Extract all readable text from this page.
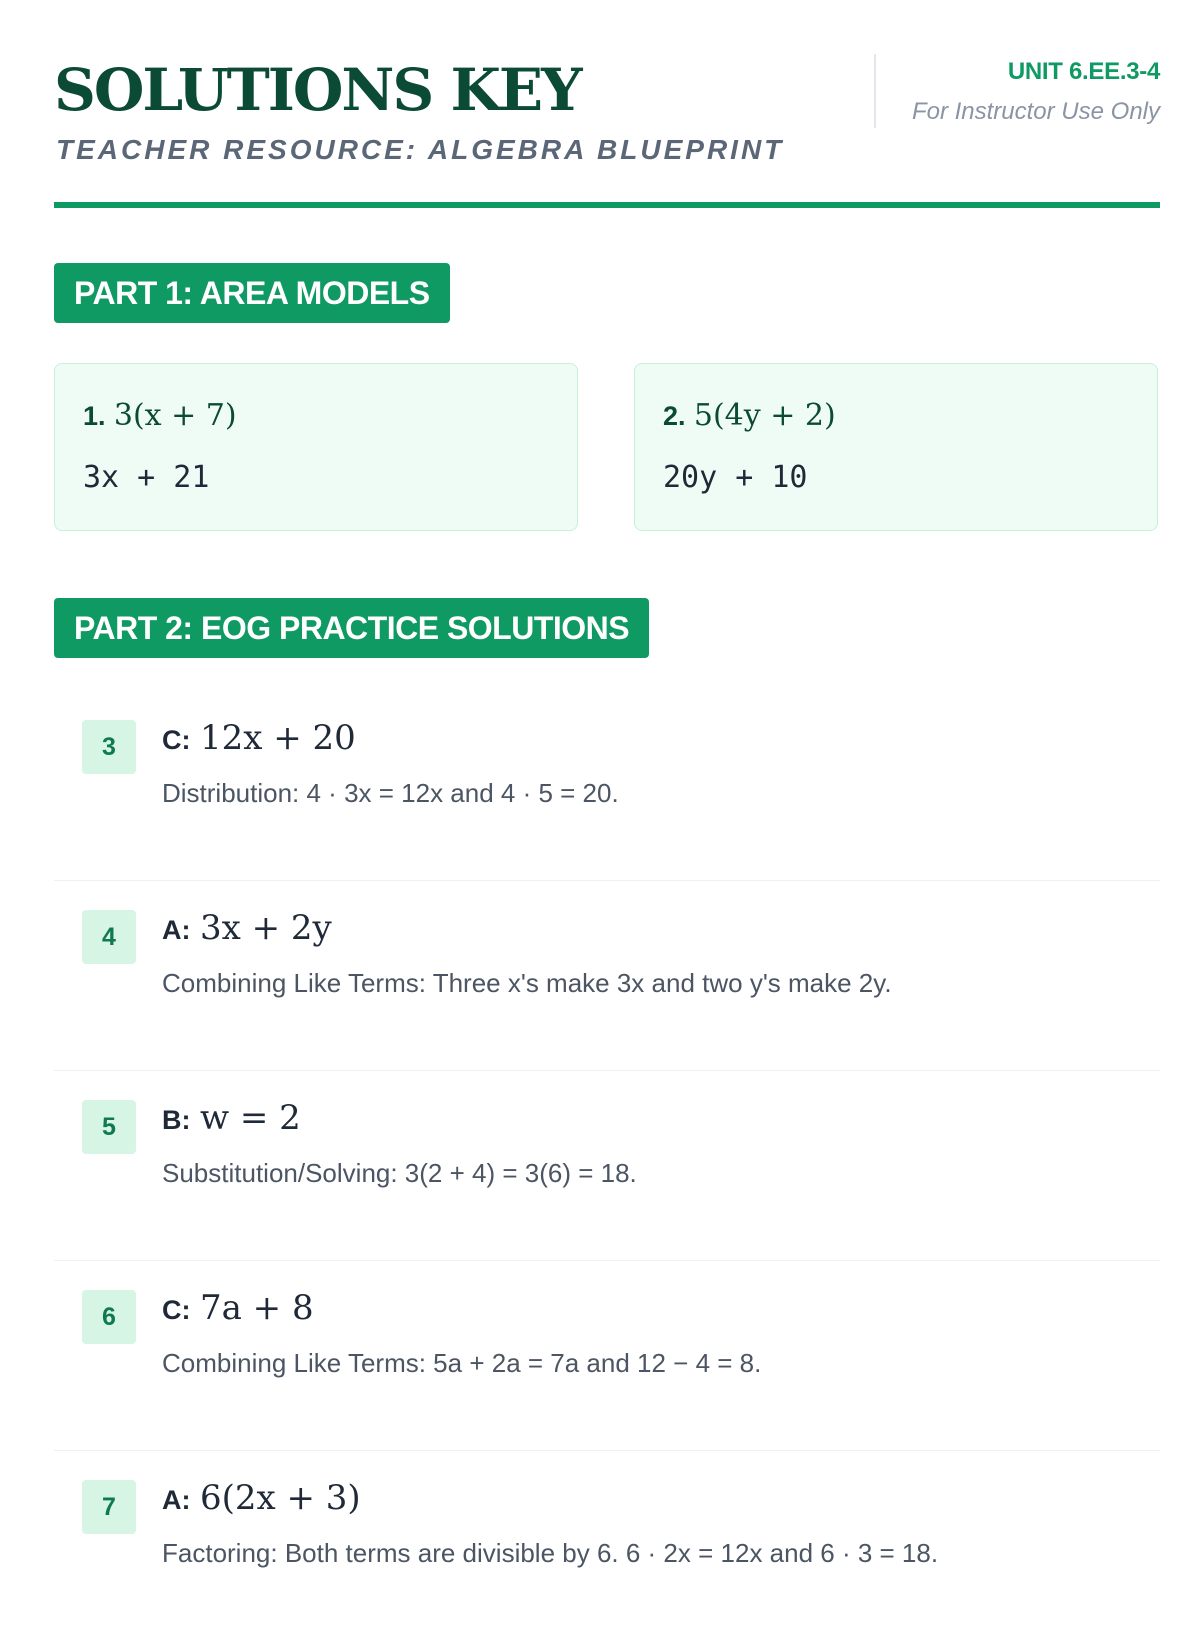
SOLUTIONS KEY
TEACHER RESOURCE: ALGEBRA BLUEPRINT
UNIT 6.EE.3-4
For Instructor Use Only
PART 1: AREA MODELS
1. 3(x + 7)
3x + 21
2. 5(4y + 2)
20y + 10
PART 2: EOG PRACTICE SOLUTIONS
3	C: 12x + 20
Distribution: 4 · 3x = 12x and 4 · 5 = 20.
4	A: 3x + 2y
Combining Like Terms: Three x's make 3x and two y's make 2y.
5	B: w = 2
Substitution/Solving: 3(2 + 4) = 3(6) = 18.
6	C: 7a + 8
Combining Like Terms: 5a + 2a = 7a and 12 − 4 = 8.
7	A: 6(2x + 3)
Factoring: Both terms are divisible by 6. 6 · 2x = 12x and 6 · 3 = 18.
